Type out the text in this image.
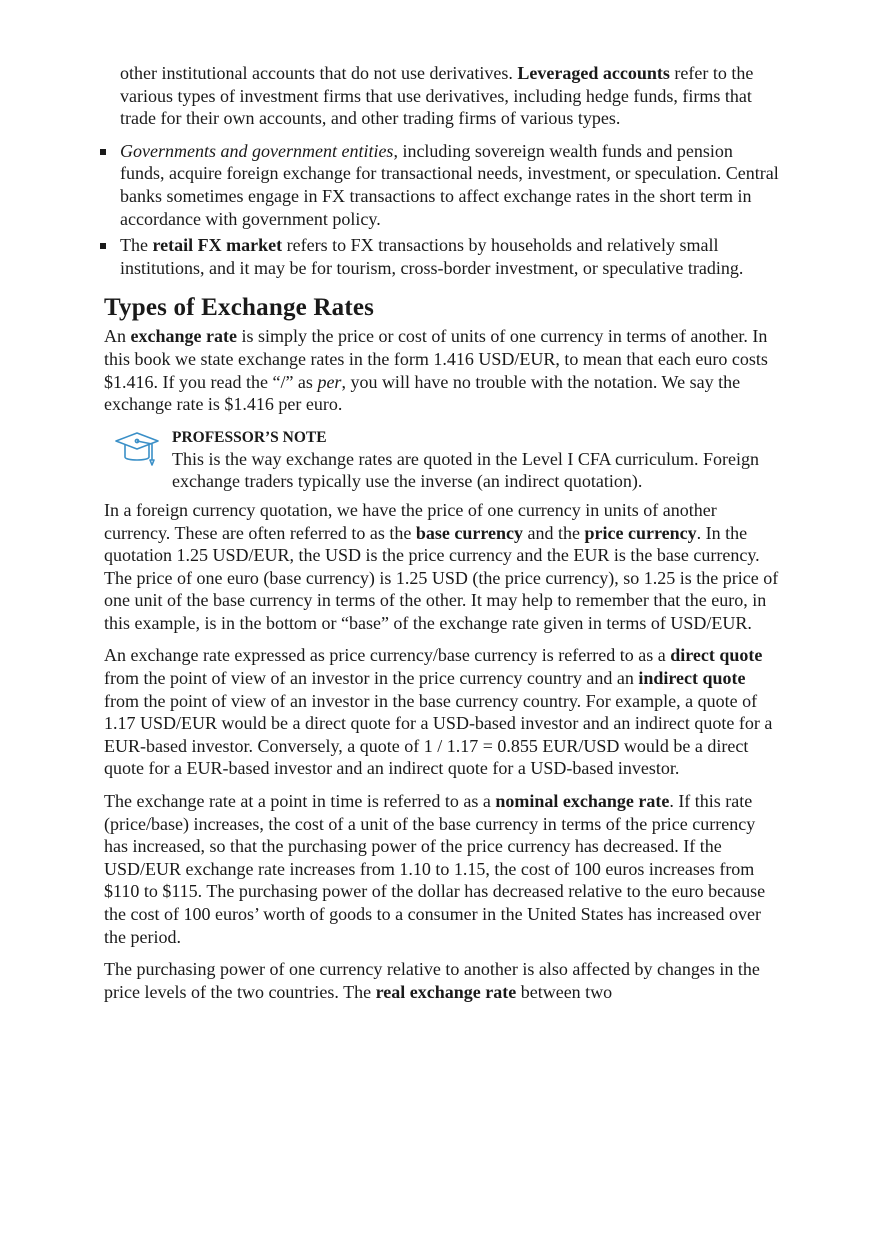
other institutional accounts that do not use derivatives. Leveraged accounts refer to the various types of investment firms that use derivatives, including hedge funds, firms that trade for their own accounts, and other trading firms of various types.

Governments and government entities, including sovereign wealth funds and pension funds, acquire foreign exchange for transactional needs, investment, or speculation. Central banks sometimes engage in FX transactions to affect exchange rates in the short term in accordance with government policy.
The retail FX market refers to FX transactions by households and relatively small institutions, and it may be for tourism, cross-border investment, or speculative trading.
Types of Exchange Rates

An exchange rate is simply the price or cost of units of one currency in terms of another. In this book we state exchange rates in the form 1.416 USD/EUR, to mean that each euro costs $1.416. If you read the “/” as per, you will have no trouble with the notation. We say the exchange rate is $1.416 per euro.

PROFESSOR’S NOTE
This is the way exchange rates are quoted in the Level I CFA curriculum. Foreign exchange traders typically use the inverse (an indirect quotation).

In a foreign currency quotation, we have the price of one currency in units of another currency. These are often referred to as the base currency and the price currency. In the quotation 1.25 USD/EUR, the USD is the price currency and the EUR is the base currency. The price of one euro (base currency) is 1.25 USD (the price currency), so 1.25 is the price of one unit of the base currency in terms of the other. It may help to remember that the euro, in this example, is in the bottom or “base” of the exchange rate given in terms of USD/EUR.

An exchange rate expressed as price currency/base currency is referred to as a direct quote from the point of view of an investor in the price currency country and an indirect quote from the point of view of an investor in the base currency country. For example, a quote of 1.17 USD/EUR would be a direct quote for a USD-based investor and an indirect quote for a EUR-based investor. Conversely, a quote of 1 / 1.17 = 0.855 EUR/USD would be a direct quote for a EUR-based investor and an indirect quote for a USD-based investor.

The exchange rate at a point in time is referred to as a nominal exchange rate. If this rate (price/base) increases, the cost of a unit of the base currency in terms of the price currency has increased, so that the purchasing power of the price currency has decreased. If the USD/EUR exchange rate increases from 1.10 to 1.15, the cost of 100 euros increases from $110 to $115. The purchasing power of the dollar has decreased relative to the euro because the cost of 100 euros’ worth of goods to a consumer in the United States has increased over the period.

The purchasing power of one currency relative to another is also affected by changes in the price levels of the two countries. The real exchange rate between two
